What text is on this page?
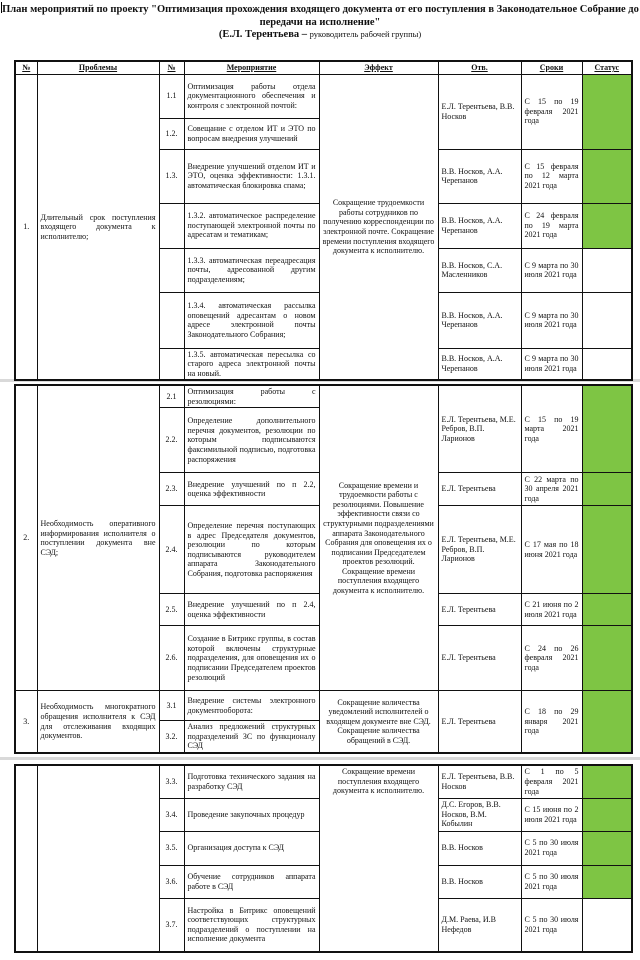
План мероприятий по проекту "Оптимизация прохождения входящего документа от его поступления в Законодательное Собрание до передачи на исполнение"
(Е.Л. Терентьева – руководитель рабочей группы)
№	Проблемы	№	Мероприятие	Эффект	Отв.	Сроки	Статус
1.	Длительный срок поступления входящего документа к исполнителю;	1.1	Оптимизация работы отдела документационного обеспечения и контроля с электронной почтой:	Сокращение трудоемкости работы сотрудников по получению корреспонденции по электронной почте. Сокращение времени поступления входящего документа к исполнителю.	Е.Л. Терентьева, В.В. Носков	С 15 по 19 февраля 2021 года	
		1.2.	Совещание с отделом ИТ и ЭТО по вопросам внедрения улучшений				
		1.3.	Внедрение улучшений отделом ИТ и ЭТО, оценка эффективности: 1.3.1. автоматическая блокировка спама;		В.В. Носков, А.А. Черепанов	С 15 февраля по 12 марта 2021 года	
			1.3.2. автоматическое распределение поступающей электронной почты по адресатам и тематикам;		В.В. Носков, А.А. Черепанов	С 24 февраля по 19 марта 2021 года	
			1.3.3. автоматическая переадресация почты, адресованной другим подразделениям;		В.В. Носков, С.А. Масленников	С 9 марта по 30 июля 2021 года	
			1.3.4. автоматическая рассылка оповещений адресантам о новом адресе электронной почты Законодательного Собрания;		В.В. Носков, А.А. Черепанов	С 9 марта по 30 июля 2021 года	
			1.3.5. автоматическая пересылка со старого адреса электронной почты на новый.		В.В. Носков, А.А. Черепанов	С 9 марта по 30 июля 2021 года	
2.	Необходимость оперативного информирования исполнителя о поступлении документа вне СЭД;	2.1	Оптимизация работы с резолюциями:	Сокращение времени и трудоемкости работы с резолюциями. Повышение эффективности связи со структурными подразделениями аппарата Законодательного Собрания для оповещения их о подписании Председателем проектов резолюций. Сокращение времени поступления входящего документа к исполнителю.	Е.Л. Терентьева, М.Е. Ребров, В.П. Ларионов	С 15 по 19 марта 2021 года	
		2.2.	Определение дополнительного перечня документов, резолюции по которым подписываются факсимильной подписью, подготовка распоряжения				
		2.3.	Внедрение улучшений по п 2.2, оценка эффективности		Е.Л. Терентьева	С 22 марта по 30 апреля 2021 года	
		2.4.	Определение перечня поступающих в адрес Председателя документов, резолюции по которым подписываются руководителем аппарата Законодательного Собрания, подготовка распоряжения		Е.Л. Терентьева, М.Е. Ребров, В.П. Ларионов	С 17 мая по 18 июня 2021 года	
		2.5.	Внедрение улучшений по п 2.4, оценка эффективности		Е.Л. Терентьева	С 21 июня по 2 июля 2021 года	
		2.6.	Создание в Битрикс группы, в состав которой включены структурные подразделения, для оповещения их о подписании Председателем проектов резолюций		Е.Л. Терентьева	С 24 по 26 февраля 2021 года	
3.	Необходимость многократного обращения исполнителя к СЭД для отслеживания входящих документов.	3.1	Внедрение системы электронного документооборота:	Сокращение количества уведомлений исполнителей о входящем документе вне СЭД. Сокращение количества обращений в СЭД.	Е.Л. Терентьева	С 18 по 29 января 2021 года	
		3.2.	Анализ предложений структурных подразделений ЗС по функционалу СЭД				
		3.3.	Подготовка технического задания на разработку СЭД	Сокращение времени поступления входящего документа к исполнителю.	Е.Л. Терентьева, В.В. Носков	С 1 по 5 февраля 2021 года	
		3.4.	Проведение закупочных процедур		Д.С. Егоров, В.В. Носков, В.М. Кобылин	С 15 июня по 2 июля 2021 года	
		3.5.	Организация доступа к СЭД		В.В. Носков	С 5 по 30 июля 2021 года	
		3.6.	Обучение сотрудников аппарата работе в СЭД		В.В. Носков	С 5 по 30 июля 2021 года	
		3.7.	Настройка в Битрикс оповещений соответствующих структурных подразделений о поступлении на исполнение документа		Д.М. Раева, И.В Нефедов	С 5 по 30 июля 2021 года	
